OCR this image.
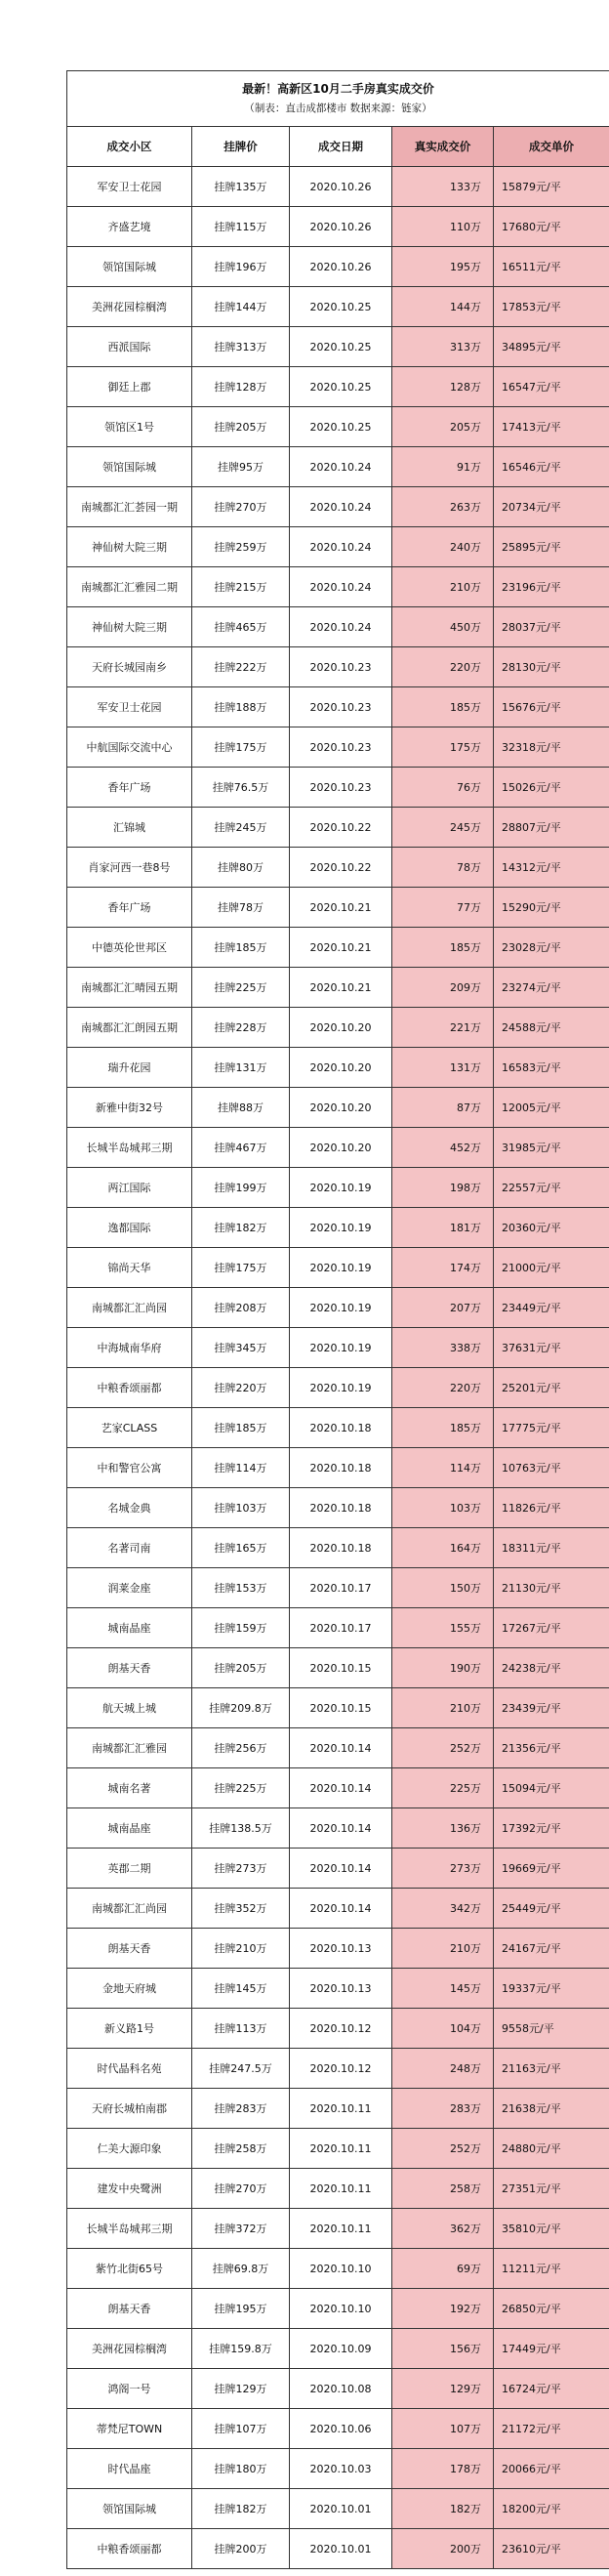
最新！高新区10月二手房真实成交价
（制表：直击成都楼市 数据来源：链家）				

成交小区	挂牌价	成交日期	真实成交价	成交单价
军安卫士花园	挂牌135万	2020.10.26	133万	15879元/平
齐盛艺境	挂牌115万	2020.10.26	110万	17680元/平
领馆国际城	挂牌196万	2020.10.26	195万	16511元/平
美洲花园棕榈湾	挂牌144万	2020.10.25	144万	17853元/平
西派国际	挂牌313万	2020.10.25	313万	34895元/平
御廷上郡	挂牌128万	2020.10.25	128万	16547元/平
领馆区1号	挂牌205万	2020.10.25	205万	17413元/平
领馆国际城	挂牌95万	2020.10.24	91万	16546元/平
南城都汇汇荟园一期	挂牌270万	2020.10.24	263万	20734元/平
神仙树大院三期	挂牌259万	2020.10.24	240万	25895元/平
南城都汇汇雅园二期	挂牌215万	2020.10.24	210万	23196元/平
神仙树大院三期	挂牌465万	2020.10.24	450万	28037元/平
天府长城园南乡	挂牌222万	2020.10.23	220万	28130元/平
军安卫士花园	挂牌188万	2020.10.23	185万	15676元/平
中航国际交流中心	挂牌175万	2020.10.23	175万	32318元/平
香年广场	挂牌76.5万	2020.10.23	76万	15026元/平
汇锦城	挂牌245万	2020.10.22	245万	28807元/平
肖家河西一巷8号	挂牌80万	2020.10.22	78万	14312元/平
香年广场	挂牌78万	2020.10.21	77万	15290元/平
中德英伦世邦区	挂牌185万	2020.10.21	185万	23028元/平
南城都汇汇晴园五期	挂牌225万	2020.10.21	209万	23274元/平
南城都汇汇朗园五期	挂牌228万	2020.10.20	221万	24588元/平
瑞升花园	挂牌131万	2020.10.20	131万	16583元/平
新雅中街32号	挂牌88万	2020.10.20	87万	12005元/平
长城半岛城邦三期	挂牌467万	2020.10.20	452万	31985元/平
两江国际	挂牌199万	2020.10.19	198万	22557元/平
逸都国际	挂牌182万	2020.10.19	181万	20360元/平
锦尚天华	挂牌175万	2020.10.19	174万	21000元/平
南城都汇汇尚园	挂牌208万	2020.10.19	207万	23449元/平
中海城南华府	挂牌345万	2020.10.19	338万	37631元/平
中粮香颂丽都	挂牌220万	2020.10.19	220万	25201元/平
艺家CLASS	挂牌185万	2020.10.18	185万	17775元/平
中和警官公寓	挂牌114万	2020.10.18	114万	10763元/平
名城金典	挂牌103万	2020.10.18	103万	11826元/平
名著司南	挂牌165万	2020.10.18	164万	18311元/平
润莱金座	挂牌153万	2020.10.17	150万	21130元/平
城南晶座	挂牌159万	2020.10.17	155万	17267元/平
朗基天香	挂牌205万	2020.10.15	190万	24238元/平
航天城上城	挂牌209.8万	2020.10.15	210万	23439元/平
南城都汇汇雅园	挂牌256万	2020.10.14	252万	21356元/平
城南名著	挂牌225万	2020.10.14	225万	15094元/平
城南晶座	挂牌138.5万	2020.10.14	136万	17392元/平
英郡二期	挂牌273万	2020.10.14	273万	19669元/平
南城都汇汇尚园	挂牌352万	2020.10.14	342万	25449元/平
朗基天香	挂牌210万	2020.10.13	210万	24167元/平
金地天府城	挂牌145万	2020.10.13	145万	19337元/平
新义路1号	挂牌113万	2020.10.12	104万	9558元/平
时代晶科名苑	挂牌247.5万	2020.10.12	248万	21163元/平
天府长城柏南郡	挂牌283万	2020.10.11	283万	21638元/平
仁美大源印象	挂牌258万	2020.10.11	252万	24880元/平
建发中央鹭洲	挂牌270万	2020.10.11	258万	27351元/平
长城半岛城邦三期	挂牌372万	2020.10.11	362万	35810元/平
紫竹北街65号	挂牌69.8万	2020.10.10	69万	11211元/平
朗基天香	挂牌195万	2020.10.10	192万	26850元/平
美洲花园棕榈湾	挂牌159.8万	2020.10.09	156万	17449元/平
鸿阁一号	挂牌129万	2020.10.08	129万	16724元/平
蒂梵尼TOWN	挂牌107万	2020.10.06	107万	21172元/平
时代晶座	挂牌180万	2020.10.03	178万	20066元/平
领馆国际城	挂牌182万	2020.10.01	182万	18200元/平
中粮香颂丽都	挂牌200万	2020.10.01	200万	23610元/平
